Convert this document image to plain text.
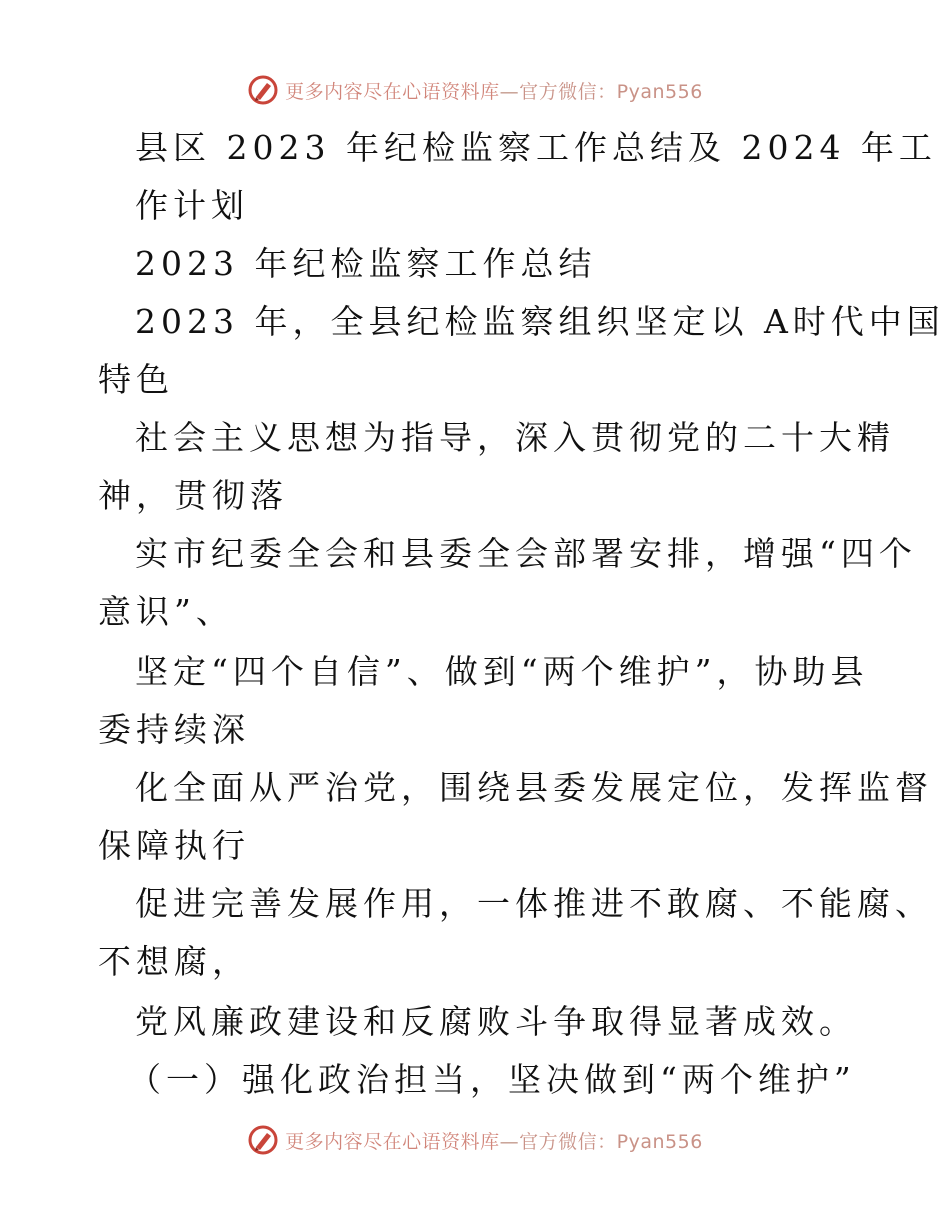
更多内容尽在心语资料库—官方微信：Pyan556
县区 2023 年纪检监察工作总结及 2024 年工
作计划
2023 年纪检监察工作总结
2023 年，全县纪检监察组织坚定以 A时代中国
特色
社会主义思想为指导，深入贯彻党的二十大精
神，贯彻落
实市纪委全会和县委全会部署安排，增强“四个
意识”、
坚定“四个自信”、做到“两个维护”，协助县
委持续深
化全面从严治党，围绕县委发展定位，发挥监督
保障执行
促进完善发展作用，一体推进不敢腐、不能腐、
不想腐，
党风廉政建设和反腐败斗争取得显著成效。
（一）强化政治担当，坚决做到“两个维护”
更多内容尽在心语资料库—官方微信：Pyan556
